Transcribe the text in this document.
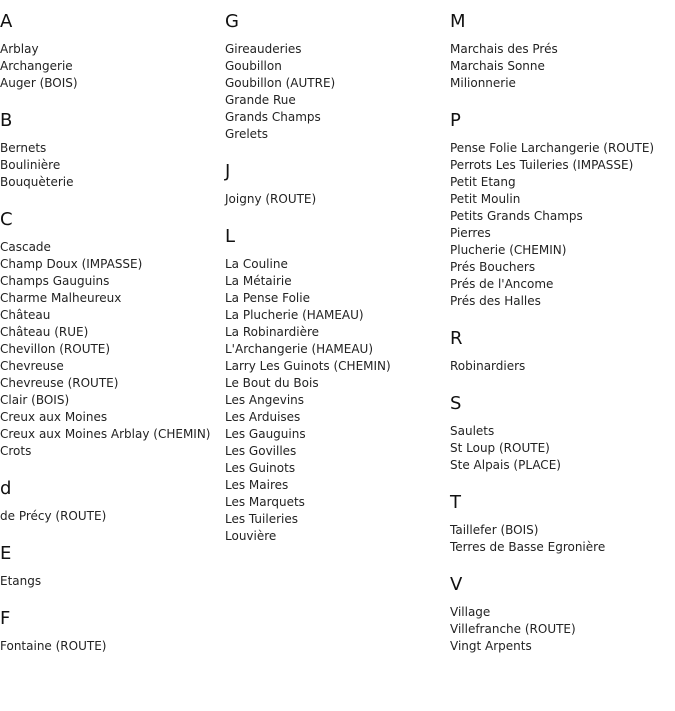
A
Arblay
Archangerie
Auger (BOIS)
B
Bernets
Boulinière
Bouquèterie
C
Cascade
Champ Doux (IMPASSE)
Champs Gauguins
Charme Malheureux
Château
Château (RUE)
Chevillon (ROUTE)
Chevreuse
Chevreuse (ROUTE)
Clair (BOIS)
Creux aux Moines
Creux aux Moines Arblay (CHEMIN)
Crots
d
de Précy (ROUTE)
E
Etangs
F
Fontaine (ROUTE)
G
Gireauderies
Goubillon
Goubillon (AUTRE)
Grande Rue
Grands Champs
Grelets
J
Joigny (ROUTE)
L
La Couline
La Métairie
La Pense Folie
La Plucherie (HAMEAU)
La Robinardière
L'Archangerie (HAMEAU)
Larry Les Guinots (CHEMIN)
Le Bout du Bois
Les Angevins
Les Arduises
Les Gauguins
Les Govilles
Les Guinots
Les Maires
Les Marquets
Les Tuileries
Louvière
M
Marchais des Prés
Marchais Sonne
Milionnerie
P
Pense Folie Larchangerie (ROUTE)
Perrots Les Tuileries (IMPASSE)
Petit Etang
Petit Moulin
Petits Grands Champs
Pierres
Plucherie (CHEMIN)
Prés Bouchers
Prés de l'Ancome
Prés des Halles
R
Robinardiers
S
Saulets
St Loup (ROUTE)
Ste Alpais (PLACE)
T
Taillefer (BOIS)
Terres de Basse Egronière
V
Village
Villefranche (ROUTE)
Vingt Arpents
